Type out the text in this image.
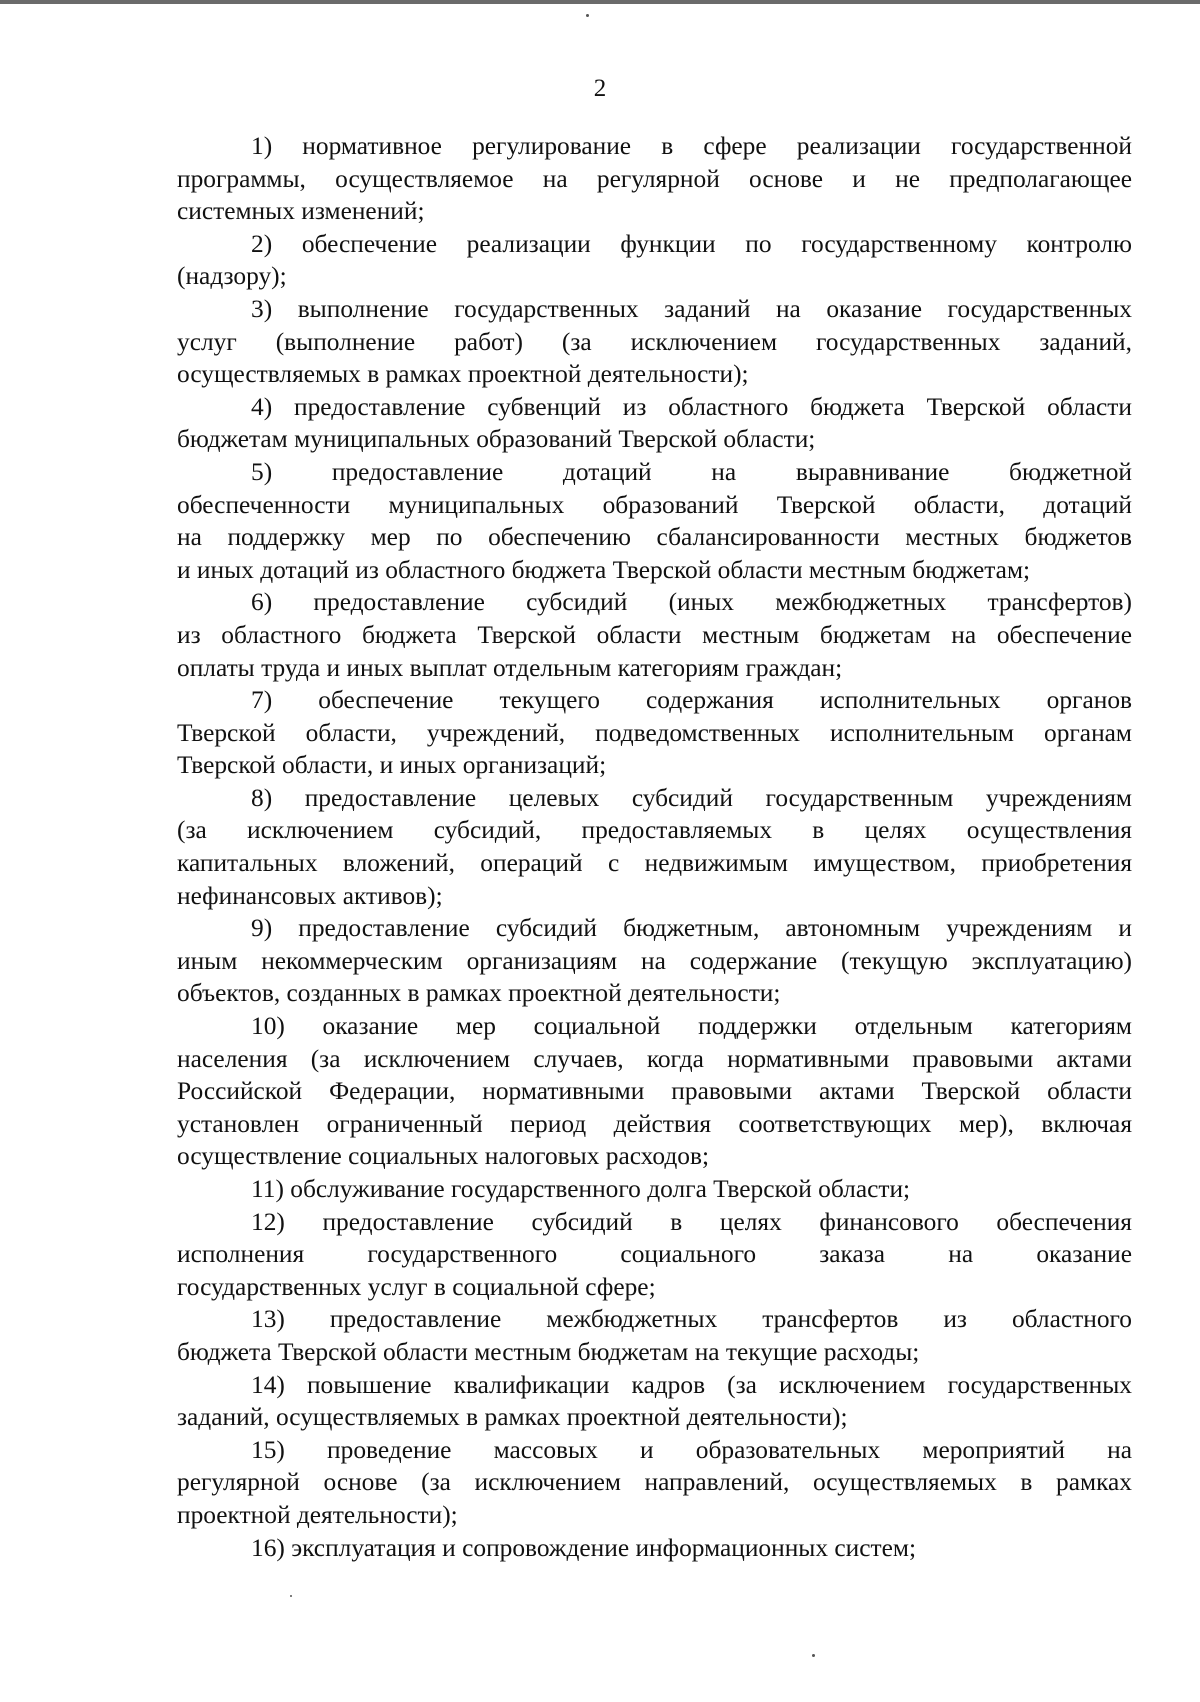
2
1) нормативное регулирование в сфере реализации государственной
программы, осуществляемое на регулярной основе и не предполагающее
системных изменений;
2) обеспечение реализации функции по государственному контролю
(надзору);
3) выполнение государственных заданий на оказание государственных
услуг (выполнение работ) (за исключением государственных заданий,
осуществляемых в рамках проектной деятельности);
4) предоставление субвенций из областного бюджета Тверской области
бюджетам муниципальных образований Тверской области;
5) предоставление дотаций на выравнивание бюджетной
обеспеченности муниципальных образований Тверской области, дотаций
на поддержку мер по обеспечению сбалансированности местных бюджетов
и иных дотаций из областного бюджета Тверской области местным бюджетам;
6) предоставление субсидий (иных межбюджетных трансфертов)
из областного бюджета Тверской области местным бюджетам на обеспечение
оплаты труда и иных выплат отдельным категориям граждан;
7) обеспечение текущего содержания исполнительных органов
Тверской области, учреждений, подведомственных исполнительным органам
Тверской области, и иных организаций;
8) предоставление целевых субсидий государственным учреждениям
(за исключением субсидий, предоставляемых в целях осуществления
капитальных вложений, операций с недвижимым имуществом, приобретения
нефинансовых активов);
9) предоставление субсидий бюджетным, автономным учреждениям и
иным некоммерческим организациям на содержание (текущую эксплуатацию)
объектов, созданных в рамках проектной деятельности;
10) оказание мер социальной поддержки отдельным категориям
населения (за исключением случаев, когда нормативными правовыми актами
Российской Федерации, нормативными правовыми актами Тверской области
установлен ограниченный период действия соответствующих мер), включая
осуществление социальных налоговых расходов;
11) обслуживание государственного долга Тверской области;
12) предоставление субсидий в целях финансового обеспечения
исполнения государственного социального заказа на оказание
государственных услуг в социальной сфере;
13) предоставление межбюджетных трансфертов из областного
бюджета Тверской области местным бюджетам на текущие расходы;
14) повышение квалификации кадров (за исключением государственных
заданий, осуществляемых в рамках проектной деятельности);
15) проведение массовых и образовательных мероприятий на
регулярной основе (за исключением направлений, осуществляемых в рамках
проектной деятельности);
16) эксплуатация и сопровождение информационных систем;
